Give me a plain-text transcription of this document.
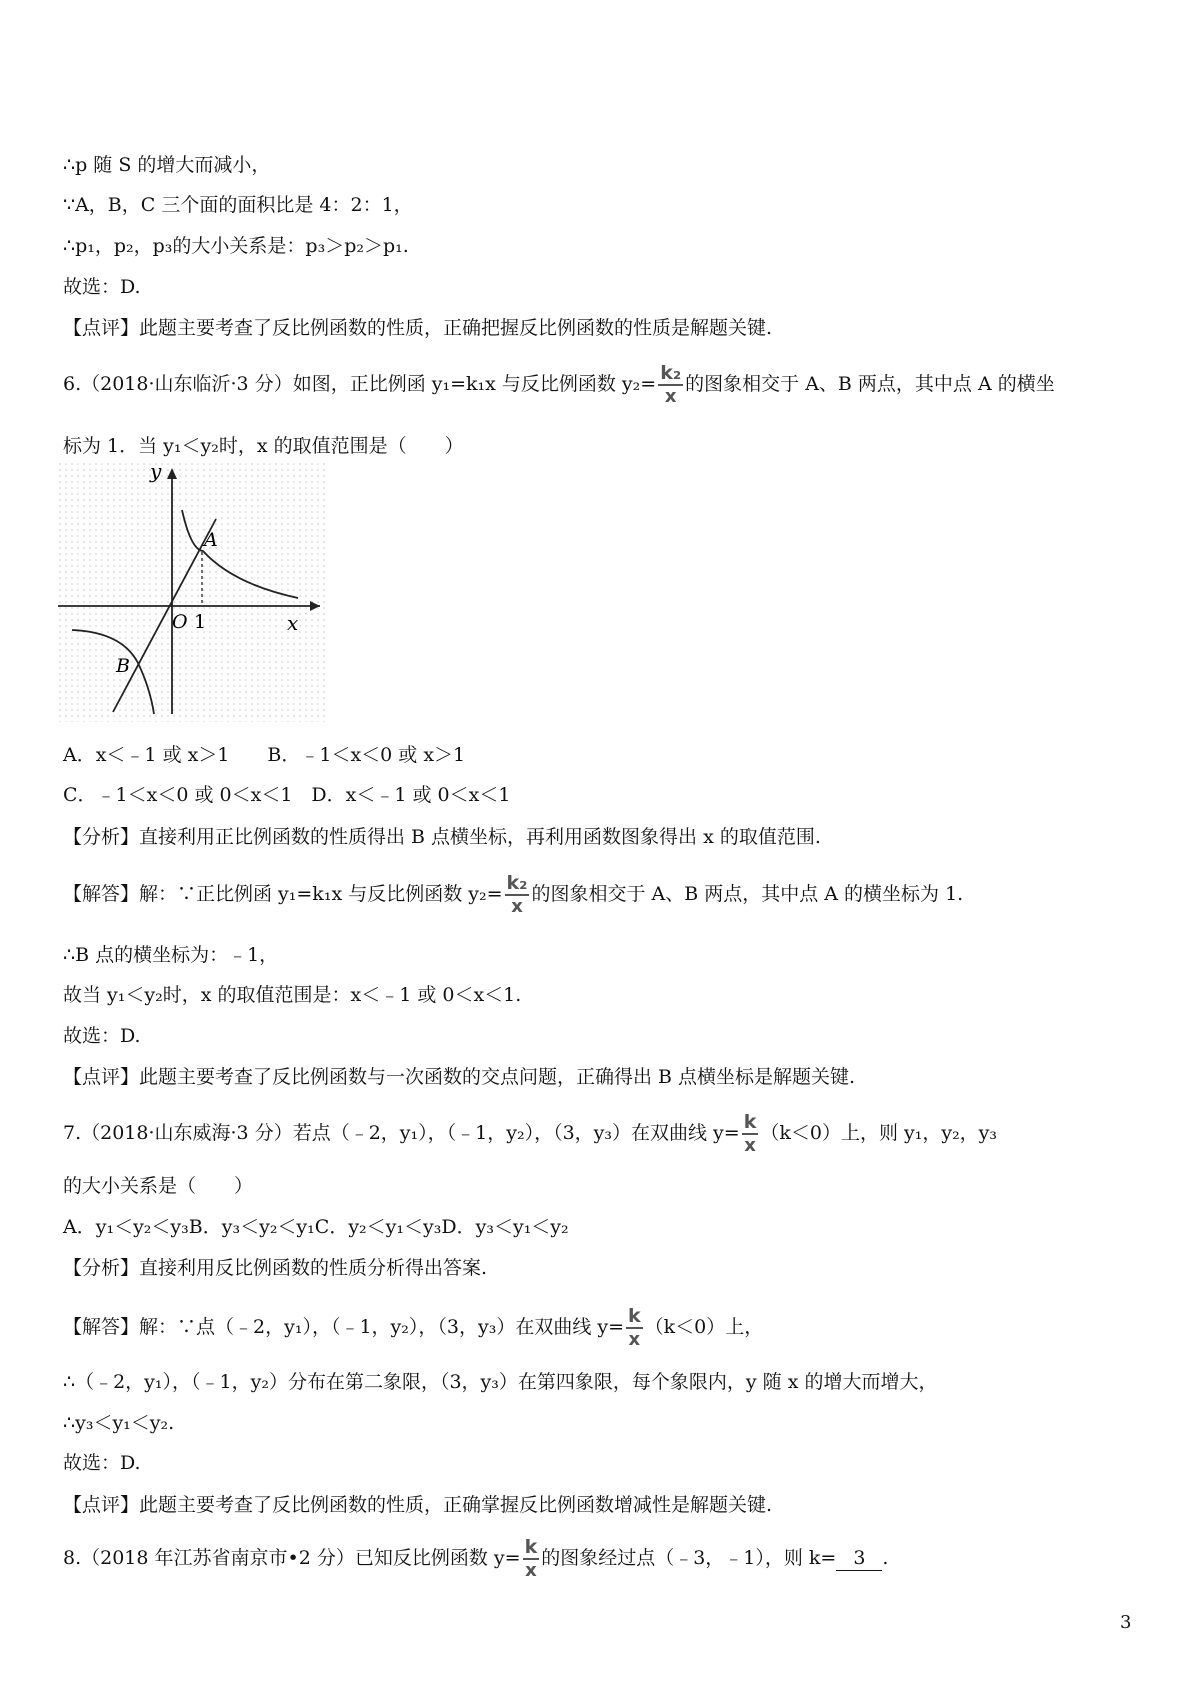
∴p 随 S 的增大而减小，
∵A，B，C 三个面的面积比是 4：2：1，
∴p₁，p₂，p₃的大小关系是：p₃＞p₂＞p₁.
故选：D.
【点评】此题主要考查了反比例函数的性质，正确把握反比例函数的性质是解题关键.
6.（2018·山东临沂·3 分）如图，正比例函 y₁=k₁x 与反比例函数 $y_2= \frac{\text{k₂}}{x}$ 的图象相交于 A、B 两点，其中点 A 的横坐
标为 1．当 y₁＜y₂时，x 的取值范围是（　　）
y
x
O 1
A
B
A．x＜﹣1 或 x＞1　　B．﹣1＜x＜0 或 x＞1
C．﹣1＜x＜0 或 0＜x＜1　D．x＜﹣1 或 0＜x＜1
【分析】直接利用正比例函数的性质得出 B 点横坐标，再利用函数图象得出 x 的取值范围.
【解答】解：∵正比例函 y₁=k₁x 与反比例函数 $y_2= \frac{\text{k₂}}{x}$ 的图象相交于 A、B 两点，其中点 A 的横坐标为 1.
∴B 点的横坐标为：﹣1，
故当 y₁＜y₂时，x 的取值范围是：x＜﹣1 或 0＜x＜1.
故选：D.
【点评】此题主要考查了反比例函数与一次函数的交点问题，正确得出 B 点横坐标是解题关键.
7.（2018·山东威海·3 分）若点（﹣2，y₁），（﹣1，y₂），（3，y₃）在双曲线 $y= \frac{k}{x} (k<0)$上，则 y₁，y₂，y₃
的大小关系是（　　）
A．y₁＜y₂＜y₃B．y₃＜y₂＜y₁C．y₂＜y₁＜y₃D．y₃＜y₁＜y₂
【分析】直接利用反比例函数的性质分析得出答案.
【解答】解：∵点（﹣2，y₁），（﹣1，y₂），（3，y₃）在双曲线 $y= \frac{k}{x} (k<0)$上，
∴（﹣2，y₁），（﹣1，y₂）分布在第二象限，（3，y₃）在第四象限，每个象限内，y 随 x 的增大而增大，
∴y₃＜y₁＜y₂.
故选：D.
【点评】此题主要考查了反比例函数的性质，正确掌握反比例函数增减性是解题关键.
8.（2018 年江苏省南京市•2 分）已知反比例函数 $y= \frac{k}{x}$ 的图象经过点（﹣3，﹣1），则 k= 3 .
3
